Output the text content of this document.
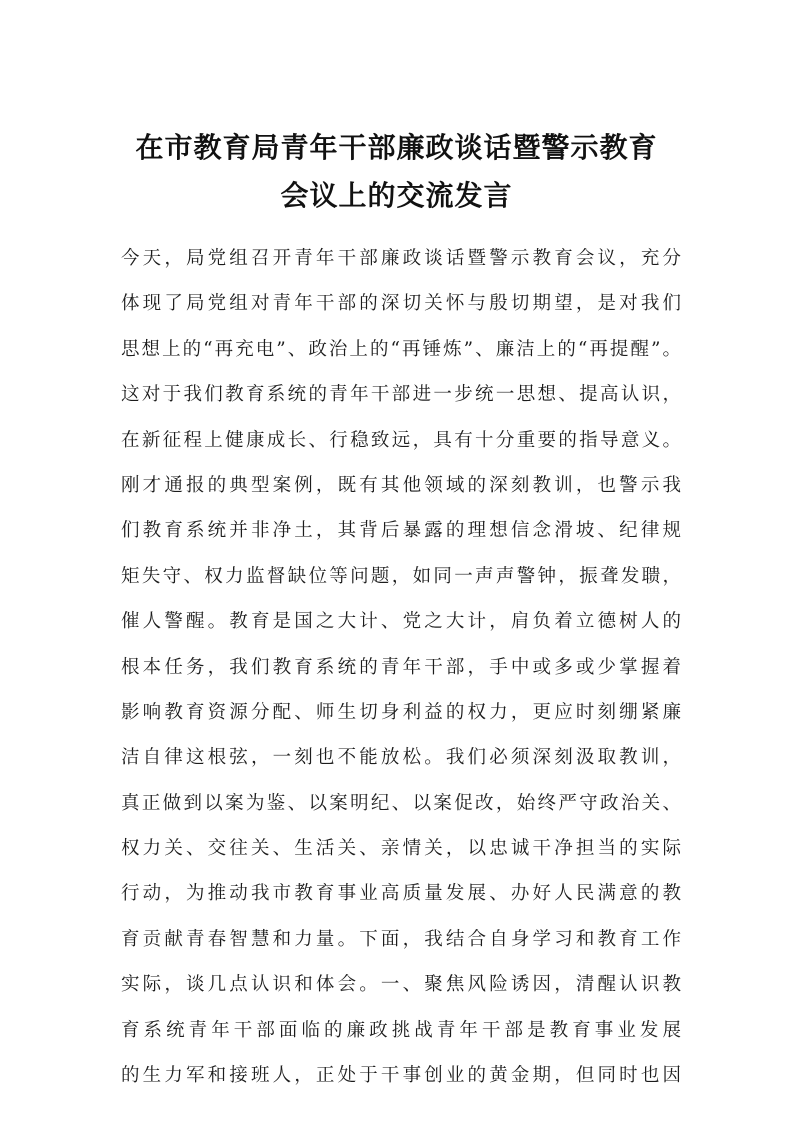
在市教育局青年干部廉政谈话暨警示教育
会议上的交流发言
今天，局党组召开青年干部廉政谈话暨警示教育会议，充分
体现了局党组对青年干部的深切关怀与殷切期望，是对我们
思想上的“再充电”、政治上的“再锤炼”、廉洁上的“再提醒”。
这对于我们教育系统的青年干部进一步统一思想、提高认识，
在新征程上健康成长、行稳致远，具有十分重要的指导意义。
刚才通报的典型案例，既有其他领域的深刻教训，也警示我
们教育系统并非净土，其背后暴露的理想信念滑坡、纪律规
矩失守、权力监督缺位等问题，如同一声声警钟，振聋发聩，
催人警醒。教育是国之大计、党之大计，肩负着立德树人的
根本任务，我们教育系统的青年干部，手中或多或少掌握着
影响教育资源分配、师生切身利益的权力，更应时刻绷紧廉
洁自律这根弦，一刻也不能放松。我们必须深刻汲取教训，
真正做到以案为鉴、以案明纪、以案促改，始终严守政治关、
权力关、交往关、生活关、亲情关，以忠诚干净担当的实际
行动，为推动我市教育事业高质量发展、办好人民满意的教
育贡献青春智慧和力量。下面，我结合自身学习和教育工作
实际，谈几点认识和体会。一、聚焦风险诱因，清醒认识教
育系统青年干部面临的廉政挑战青年干部是教育事业发展
的生力军和接班人，正处于干事创业的黄金期，但同时也因
